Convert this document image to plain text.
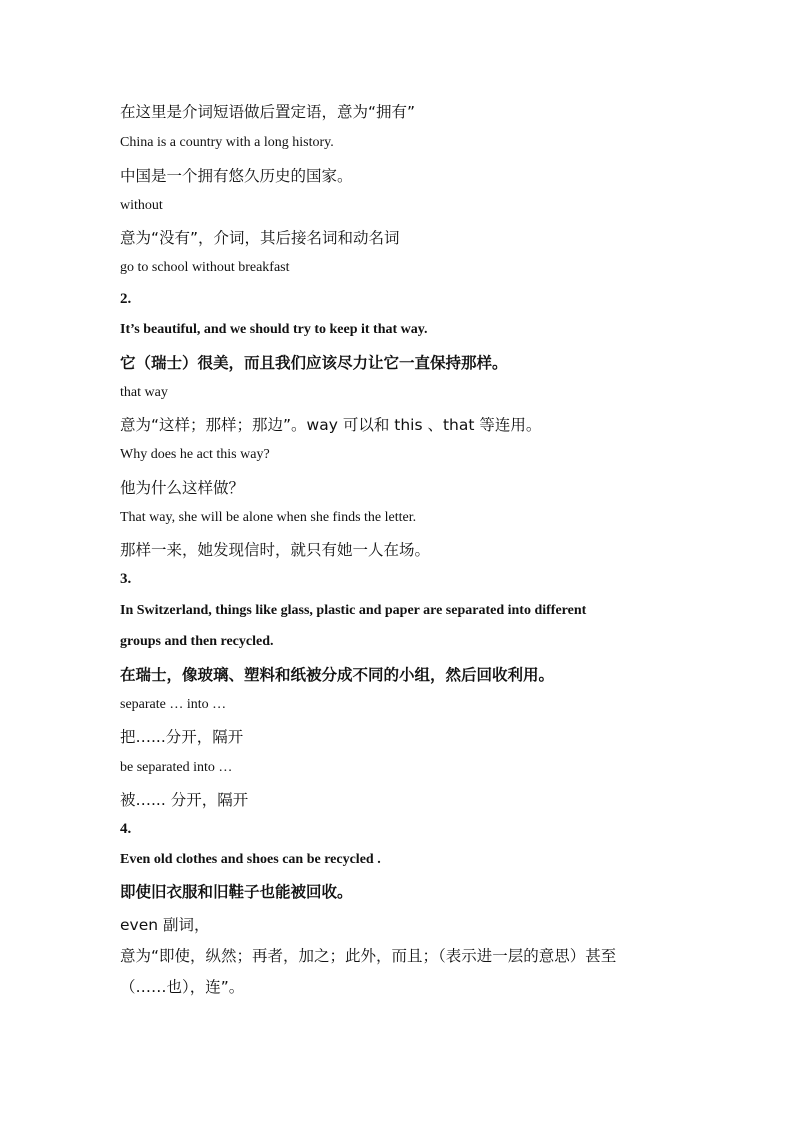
在这里是介词短语做后置定语，意为“拥有”
China is a country with a long history.
中国是一个拥有悠久历史的国家。
without
意为“没有”，介词，其后接名词和动名词
go to school without breakfast
2.
It’s beautiful, and we should try to keep it that way.
它（瑞士）很美，而且我们应该尽力让它一直保持那样。
that way
意为“这样；那样；那边”。way 可以和 this 、that 等连用。
Why does he act this way?
他为什么这样做？
That way, she will be alone when she finds the letter.
那样一来，她发现信时，就只有她一人在场。
3.
In Switzerland, things like glass, plastic and paper are separated into different
groups and then recycled.
在瑞士，像玻璃、塑料和纸被分成不同的小组，然后回收利用。
separate … into …
把…...分开，隔开
be separated into …
被…... 分开，隔开
4.
Even old clothes and shoes can be recycled .
即使旧衣服和旧鞋子也能被回收。
even 副词，
意为“即使，纵然；再者，加之；此外，而且；（表示进一层的意思）甚至
（……也），连”。
